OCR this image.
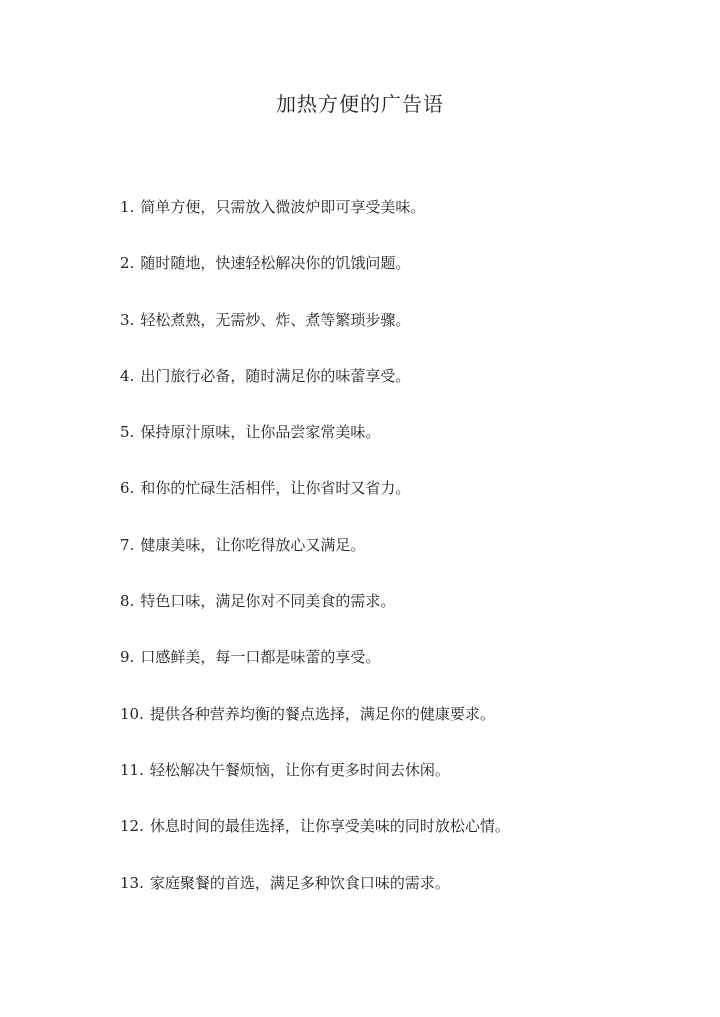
加热方便的广告语
1. 简单方便，只需放入微波炉即可享受美味。
2. 随时随地，快速轻松解决你的饥饿问题。
3. 轻松煮熟，无需炒、炸、煮等繁琐步骤。
4. 出门旅行必备，随时满足你的味蕾享受。
5. 保持原汁原味，让你品尝家常美味。
6. 和你的忙碌生活相伴，让你省时又省力。
7. 健康美味，让你吃得放心又满足。
8. 特色口味，满足你对不同美食的需求。
9. 口感鲜美，每一口都是味蕾的享受。
10. 提供各种营养均衡的餐点选择，满足你的健康要求。
11. 轻松解决午餐烦恼，让你有更多时间去休闲。
12. 休息时间的最佳选择，让你享受美味的同时放松心情。
13. 家庭聚餐的首选，满足多种饮食口味的需求。
